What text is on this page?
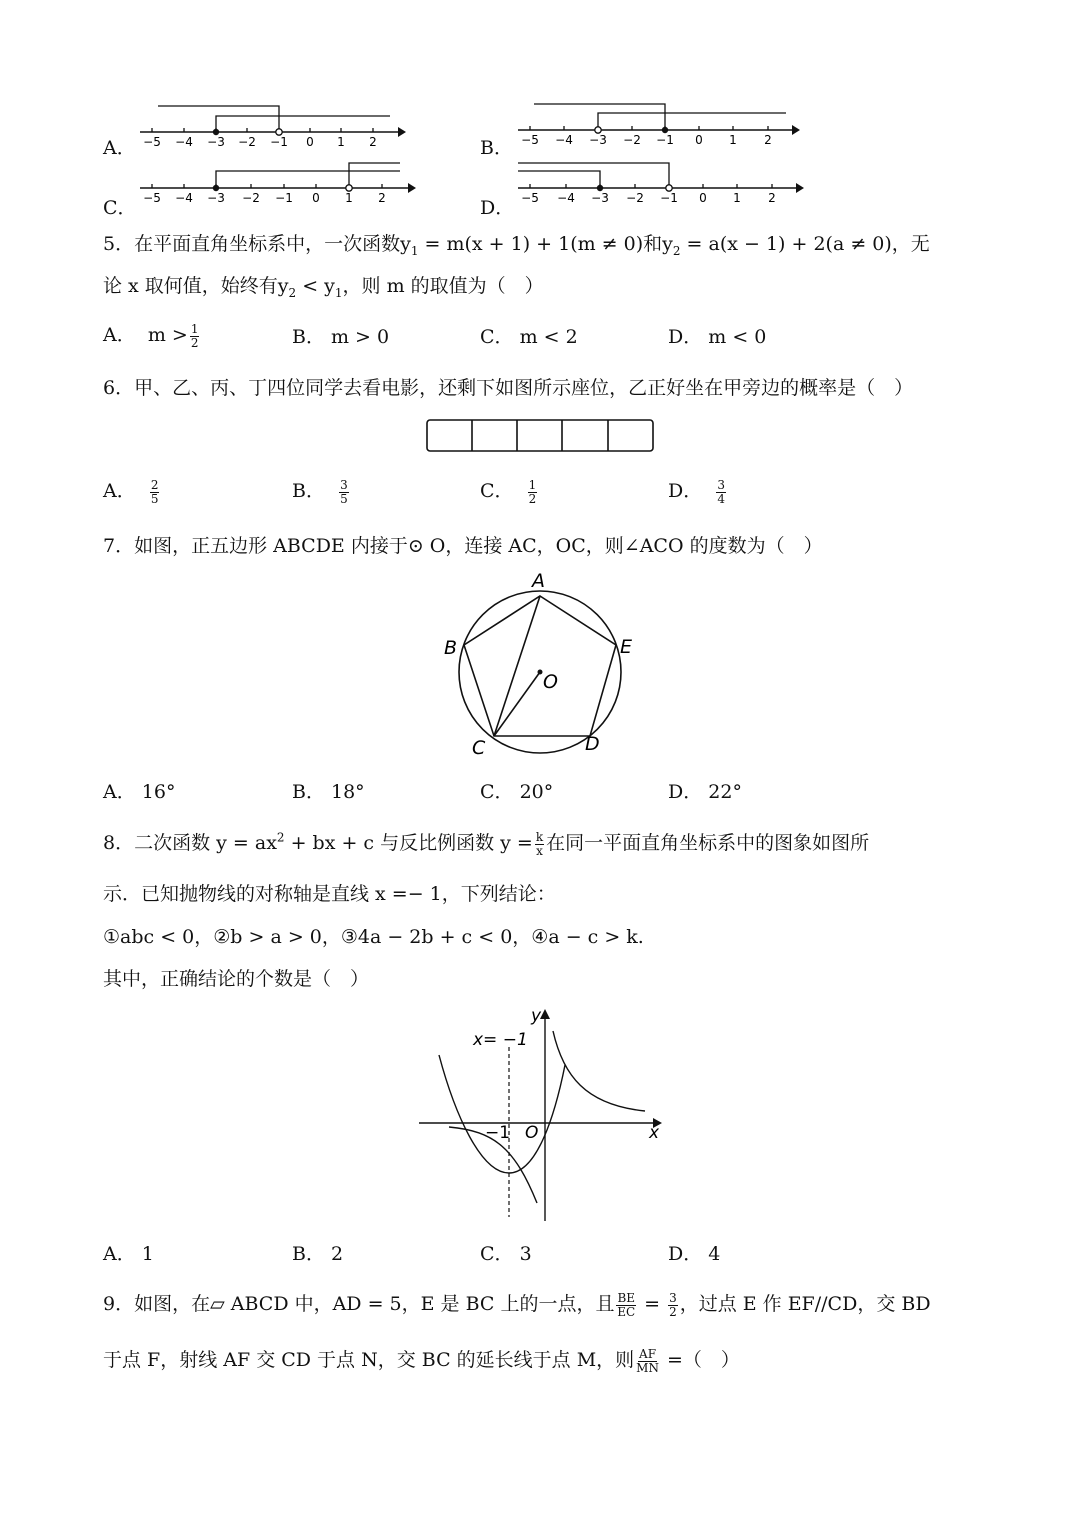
A． −5 −4 −3 −2 −1 0 1 2	B． −5 −4 −3 −2 −1 0 1 2
C． −5 −4 −3 −2 −1 0 1 2	D． −5 −4 −3 −2 −1 0 1 2
5．在平面直角坐标系中，一次函数$y_1 = m(x + 1) + 1(m \ne 0)$和$y_2 = a(x - 1) + 2(a \ne 0)$，无
论 x 取何值，始终有$y_2 < y_1$，则 m 的取值为（　）
A． $m > \frac{1}{2}$	B． m > 0	C． m < 2	D． m < 0
6．甲、乙、丙、丁四位同学去看电影，还剩下如图所示座位，乙正好坐在甲旁边的概率是（　）
A． $\frac{2}{5}$	B． $\frac{3}{5}$	C． $\frac{1}{2}$	D． $\frac{3}{4}$
7．如图，正五边形 ABCDE 内接于⊙ O，连接 AC，OC，则∠ACO 的度数为（　）
A
B
C	D
E
O
A． 16°	B． 18°	C． 20°	D． 22°
8．二次函数 $y = ax^2$ + bx + c 与反比例函数 $y = \frac{k}{x}$ 在同一平面直角坐标系中的图象如图所
示．已知抛物线的对称轴是直线 x =− 1，下列结论：
①abc < 0，②b > a > 0，③4a − 2b + c < 0，④a − c > k.
其中，正确结论的个数是（　）
x= −1
y
x
O
−1
A． 1	B． 2	C． 3	D． 4
9．如图，在▱ ABCD 中，AD = 5，E 是 BC 上的一点，且 $\frac{BE}{EC} = \frac{3}{2}$ ，过点 E 作 EF//CD，交 BD
于点 F，射线 AF 交 CD 于点 N，交 BC 的延长线于点 M，则 $\frac{AF}{MN}$ =（　）
